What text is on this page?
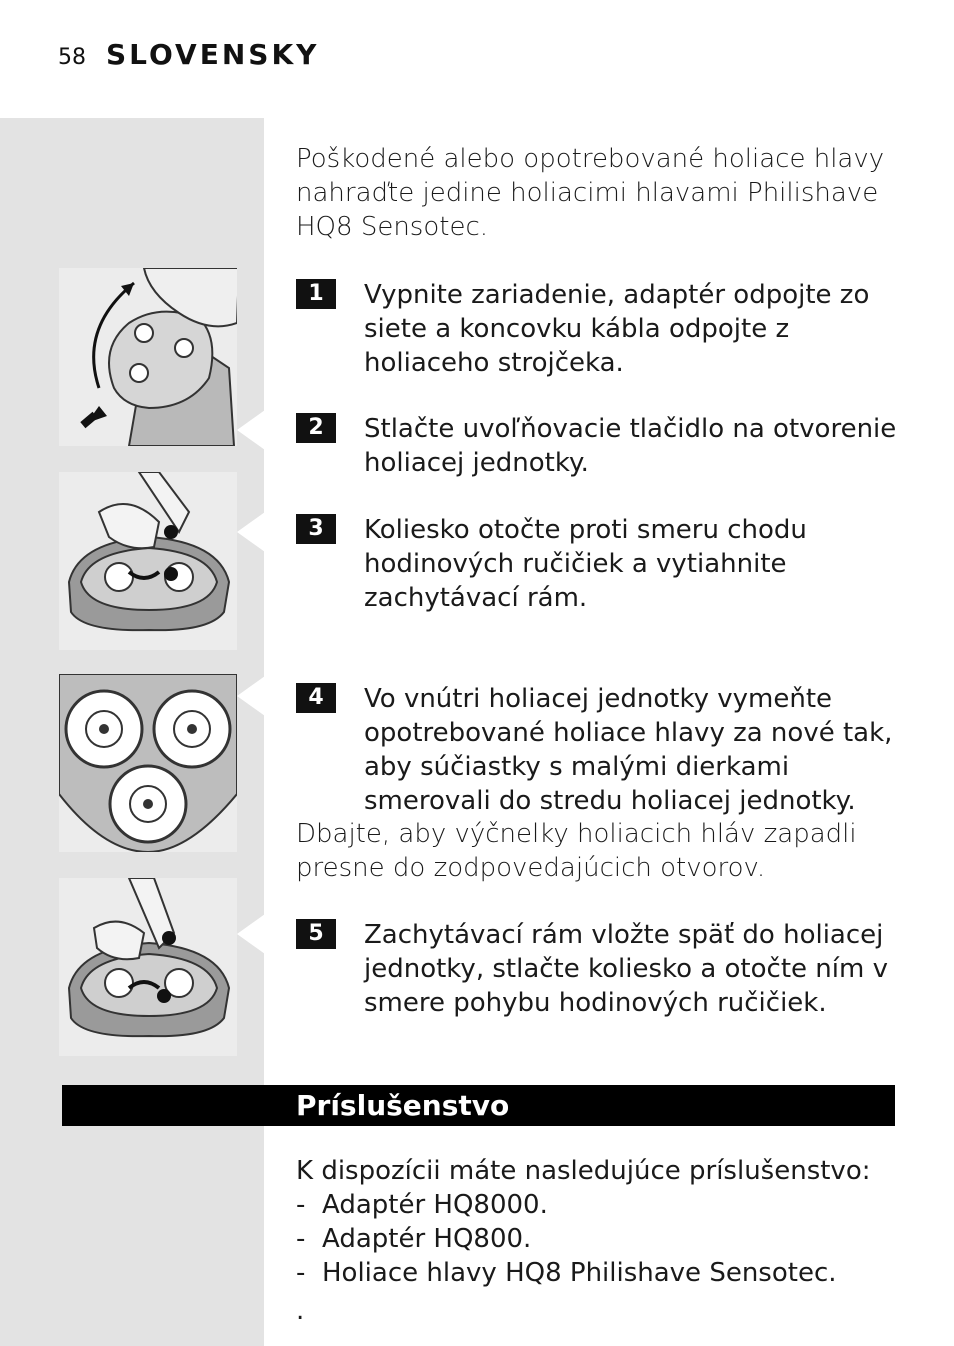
58 SLOVENSKY
Poškodené alebo opotrebované holiace hlavy nahraďte jedine holiacimi hlavami Philishave HQ8 Sensotec.
1	Vypnite zariadenie, adaptér odpojte zo siete a koncovku kábla odpojte z holiaceho strojčeka.
2	Stlačte uvoľňovacie tlačidlo na otvorenie holiacej jednotky.
3	Koliesko otočte proti smeru chodu hodinových ručičiek a vytiahnite zachytávací rám.
4	Vo vnútri holiacej jednotky vymeňte opotrebované holiace hlavy za nové tak, aby súčiastky s malými dierkami smerovali do stredu holiacej jednotky.
Dbajte, aby výčnelky holiacich hláv zapadli presne do zodpovedajúcich otvorov.
5	Zachytávací rám vložte späť do holiacej jednotky, stlačte koliesko a otočte ním v smere pohybu hodinových ručičiek.
Príslušenstvo
K dispozícii máte nasledujúce príslušenstvo:
- Adaptér HQ8000.
- Adaptér HQ800.
- Holiace hlavy HQ8 Philishave Sensotec.
.
